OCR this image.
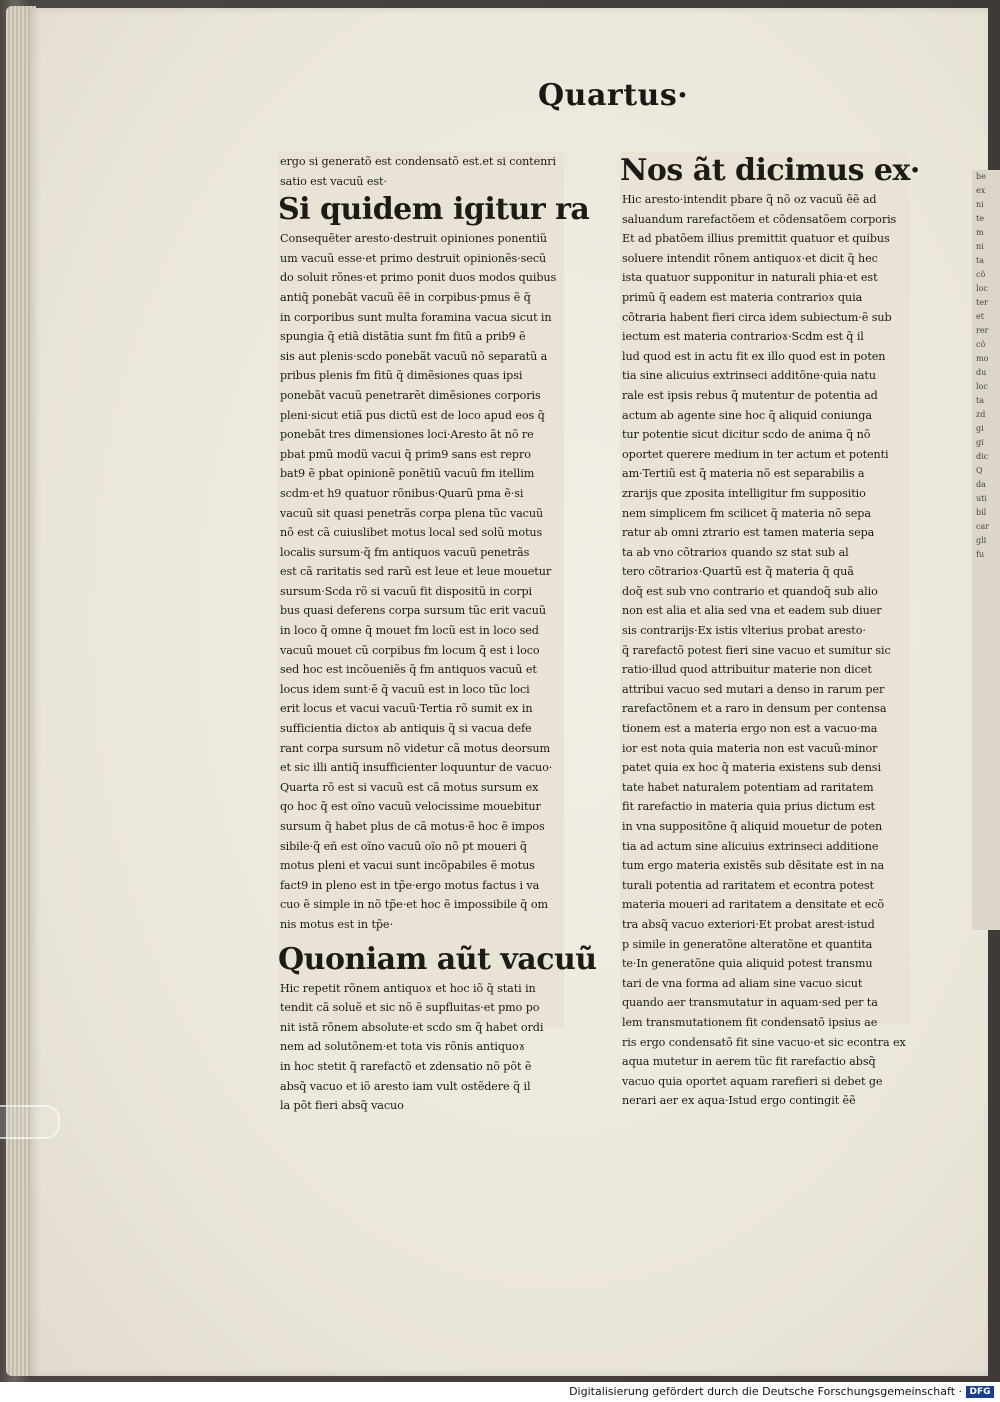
Quartus·
ergo si generatõ est condensatõ est.et si contenri
satio est vacuũ est·
Si quidem igitur ra
Consequẽter aresto·destruit opiniones ponentiũ
um vacuũ esse·et primo destruit opinionẽs·secũ
do soluit rõnes·et primo ponit duos modos quibus
antiq̃ ponebãt vacuũ ẽẽ in corpibus·pmus ẽ q̃
in corporibus sunt multa foramina vacua sicut in
spungia q̃ etiã distãtia sunt fm fitũ a prib9 ẽ
sis aut plenis·scdo ponebãt vacuũ nõ separatũ a
pribus plenis fm fitũ q̃ dimẽsiones quas ipsi
ponebãt vacuũ penetrarẽt dimẽsiones corporis
pleni·sicut etiã pus dictũ est de loco apud eos q̃
ponebãt tres dimensiones loci·Aresto ãt nõ re
pbat pmũ modũ vacui q̃ prim9 sans est repro
bat9 ẽ pbat opinionẽ ponẽtiũ vacuũ fm itellim
scdm·et h9 quatuor rõnibus·Quarũ pma ẽ·si
vacuũ sit quasi penetrãs corpa plena tũc vacuũ
nõ est cã cuiuslibet motus local sed solũ motus
localis sursum·q̃ fm antiquos vacuũ penetrãs
est cã raritatis sed rarũ est leue et leue mouetur
sursum·Scda rõ si vacuũ fit dispositũ in corpi
bus quasi deferens corpa sursum tũc erit vacuũ
in loco q̃ omne q̃ mouet fm locũ est in loco sed
vacuũ mouet cũ corpibus fm locum q̃ est i loco
sed hoc est incõueniẽs q̃ fm antiquos vacuũ et
locus idem sunt·ẽ q̃ vacuũ est in loco tũc loci
erit locus et vacui vacuũ·Tertia rõ sumit ex in
sufficientia dictoɤ ab antiquis q̃ si vacua defe
rant corpa sursum nõ videtur cã motus deorsum
et sic illi antiq̃ insufficienter loquuntur de vacuo·
Quarta rõ est si vacuũ est cã motus sursum ex
qo hoc q̃ est oĩno vacuũ velocissime mouebitur
sursum q̃ habet plus de cã motus·ẽ hoc ẽ impos
sibile·q̃ eñ est oĩno vacuũ oĩo nõ pt moueri q̃
motus pleni et vacui sunt incõpabiles ẽ motus
fact9 in pleno est in tp̃e·ergo motus factus i va
cuo ẽ simple in nõ tp̃e·et hoc ẽ impossibile q̃ om
nis motus est in tp̃e·
Quoniam aũt vacuũ
Hic repetit rõnem antiquoɤ et hoc iõ q̃ stati in
tendit cã soluẽ et sic nõ ẽ supfluitas·et pmo po
nit istã rõnem absolute·et scdo sm q̃ habet ordi
nem ad solutõnem·et tota vis rõnis antiquoɤ
in hoc stetit q̃ rarefactõ et zdensatio nõ põt ẽ
absq̃ vacuo et iõ aresto iam vult ostẽdere q̃ il
la põt fieri absq̃ vacuo
Nos ãt dicimus ex·
Hic aresto·intendit pbare q̃ nõ oz vacuũ ẽẽ ad
saluandum rarefactõem et cõdensatõem corporis
Et ad pbatõem illius premittit quatuor et quibus
soluere intendit rõnem antiquoɤ·et dicit q̃ hec
ista quatuor supponitur in naturali phia·et est
primũ q̃ eadem est materia contrarioɤ quia
cõtraria habent fieri circa idem subiectum·ẽ sub
iectum est materia contrarioɤ·Scdm est q̃ il
lud quod est in actu fit ex illo quod est in poten
tia sine alicuius extrinseci additõne·quia natu
rale est ipsis rebus q̃ mutentur de potentia ad
actum ab agente sine hoc q̃ aliquid coniunga
tur potentie sicut dicitur scdo de anima q̃ nõ
oportet querere medium in ter actum et potenti
am·Tertiũ est q̃ materia nõ est separabilis a
zrarijs que zposita intelligitur fm suppositio
nem simplicem fm scilicet q̃ materia nõ sepa
ratur ab omni ztrario est tamen materia sepa
ta ab vno cõtrarioɤ quando sz stat sub al
tero cõtrarioɤ·Quartũ est q̃ materia q̃ quã
doq̃ est sub vno contrario et quandoq̃ sub alio
non est alia et alia sed vna et eadem sub diuer
sis contrarijs·Ex istis vlterius probat aresto·
q̃ rarefactõ potest fieri sine vacuo et sumitur sic
ratio·illud quod attribuitur materie non dicet
attribui vacuo sed mutari a denso in rarum per
rarefactõnem et a raro in densum per contensa
tionem est a materia ergo non est a vacuo·ma
ior est nota quia materia non est vacuũ·minor
patet quia ex hoc q̃ materia existens sub densi
tate habet naturalem potentiam ad raritatem
fit rarefactio in materia quia prius dictum est
in vna suppositõne q̃ aliquid mouetur de poten
tia ad actum sine alicuius extrinseci additione
tum ergo materia existẽs sub dẽsitate est in na
turali potentia ad raritatem et econtra potest
materia moueri ad raritatem a densitate et ecõ
tra absq̃ vacuo exteriori·Et probat arest·istud
p simile in generatõne alteratõne et quantita
te·In generatõne quia aliquid potest transmu
tari de vna forma ad aliam sine vacuo sicut
quando aer transmutatur in aquam·sed per ta
lem transmutationem fit condensatõ ipsius ae
ris ergo condensatõ fit sine vacuo·et sic econtra ex
aqua mutetur in aerem tũc fit rarefactio absq̃
vacuo quia oportet aquam rarefieri si debet ge
nerari aer ex aqua·Istud ergo contingit ẽẽ
be
ex
ni
te
m
ni
ta
cõ
loc
ter
et
rer
cõ
mo
du
loc
ta
zd
gi
gi
dic
Q
da
uti
bil
car
gli
fu
Digitalisierung gefördert durch die Deutsche Forschungsgemeinschaft · DFG
